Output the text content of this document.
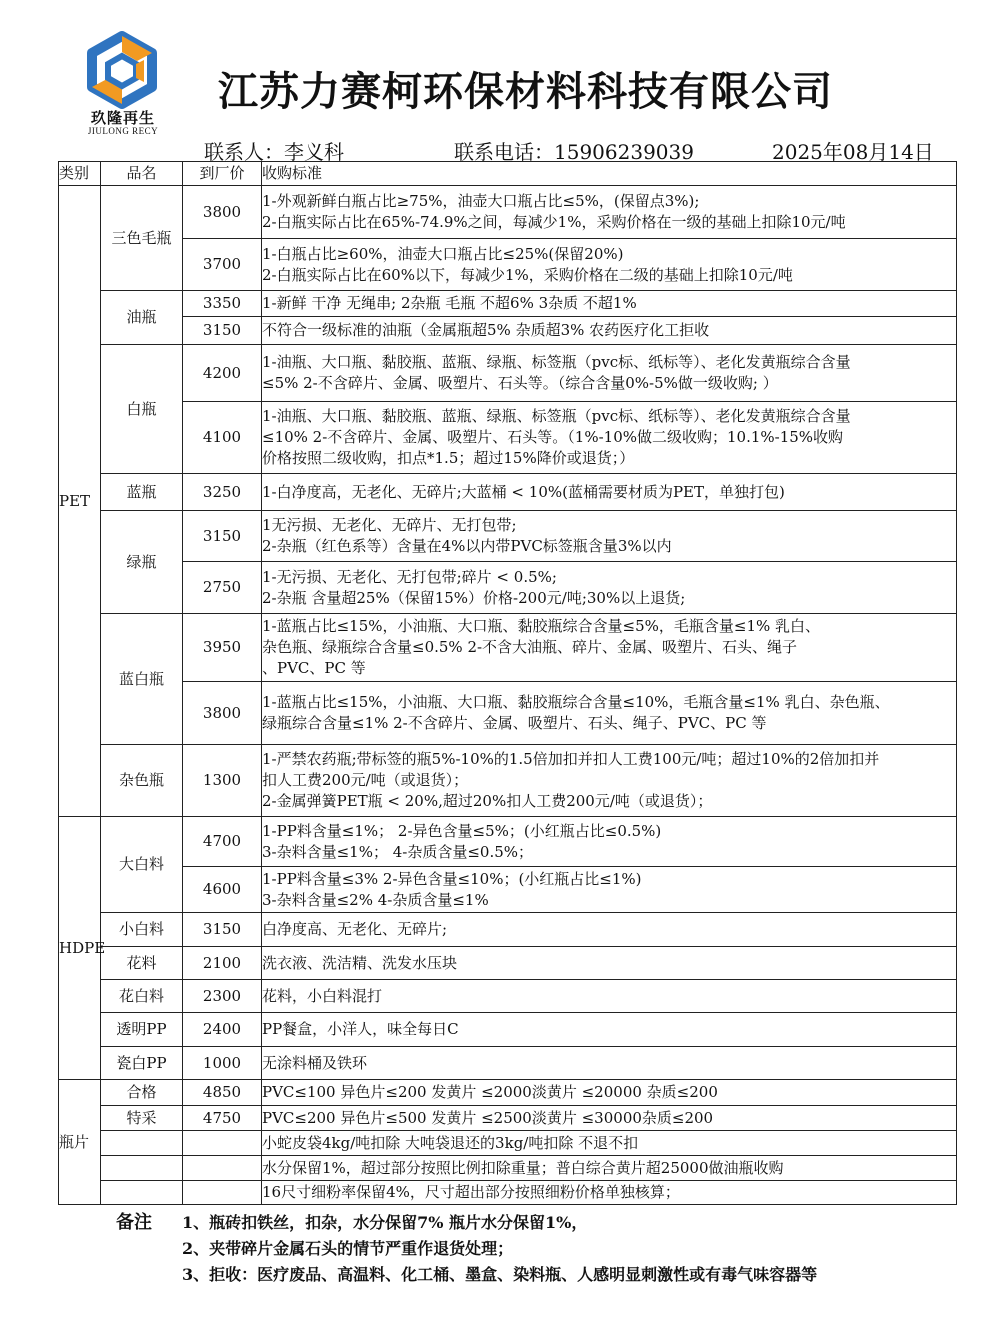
玖隆再生
JIULONG RECY
江苏力赛柯环保材料科技有限公司
联系人：李义科	联系电话：15906239039	2025年08月14日
类别	品名	到厂价	收购标准
PET	三色毛瓶	3800	1-外观新鲜白瓶占比≥75%，油壶大口瓶占比≤5%，(保留点3%);
2-白瓶实际占比在65%-74.9%之间，每减少1%，采购价格在一级的基础上扣除10元/吨

		3700	1-白瓶占比≥60%，油壶大口瓶占比≤25%(保留20%)
2-白瓶实际占比在60%以下，每减少1%，采购价格在二级的基础上扣除10元/吨

	油瓶	3350	1-新鲜 干净 无绳串; 2杂瓶 毛瓶 不超6% 3杂质 不超1%

		3150	不符合一级标准的油瓶（金属瓶超5% 杂质超3% 农药医疗化工拒收

	白瓶	4200	1-油瓶、大口瓶、黏胶瓶、蓝瓶、绿瓶、标签瓶（pvc标、纸标等）、老化发黄瓶综合含量
≤5% 2-不含碎片、金属、吸塑片、石头等。（综合含量0%-5%做一级收购; ）

		4100	1-油瓶、大口瓶、黏胶瓶、蓝瓶、绿瓶、标签瓶（pvc标、纸标等）、老化发黄瓶综合含量
≤10% 2-不含碎片、金属、吸塑片、石头等。（1%-10%做二级收购；10.1%-15%收购
价格按照二级收购，扣点*1.5；超过15%降价或退货；）

	蓝瓶	3250	1-白净度高，无老化、无碎片;大蓝桶 < 10%(蓝桶需要材质为PET，单独打包)

	绿瓶	3150	1无污损、无老化、无碎片、无打包带;
2-杂瓶（红色系等）含量在4%以内带PVC标签瓶含量3%以内

		2750	1-无污损、无老化、无打包带;碎片 < 0.5%;
2-杂瓶 含量超25%（保留15%）价格-200元/吨;30%以上退货;

	蓝白瓶	3950	1-蓝瓶占比≤15%，小油瓶、大口瓶、黏胶瓶综合含量≤5%，毛瓶含量≤1% 乳白、
杂色瓶、绿瓶综合含量≤0.5% 2-不含大油瓶、碎片、金属、吸塑片、石头、绳子
、PVC、PC 等

		3800	1-蓝瓶占比≤15%，小油瓶、大口瓶、黏胶瓶综合含量≤10%，毛瓶含量≤1% 乳白、杂色瓶、
绿瓶综合含量≤1% 2-不含碎片、金属、吸塑片、石头、绳子、PVC、PC 等

	杂色瓶	1300	1-严禁农药瓶;带标签的瓶5%-10%的1.5倍加扣并扣人工费100元/吨；超过10%的2倍加扣并
扣人工费200元/吨（或退货）；
2-金属弹簧PET瓶 < 20%,超过20%扣人工费200元/吨（或退货）；

HDPE	大白料	4700	1-PP料含量≤1%； 2-异色含量≤5%；(小红瓶占比≤0.5%)
3-杂料含量≤1%； 4-杂质含量≤0.5%；

		4600	1-PP料含量≤3% 2-异色含量≤10%；(小红瓶占比≤1%)
3-杂料含量≤2% 4-杂质含量≤1%

	小白料	3150	白净度高、无老化、无碎片;

	花料	2100	洗衣液、洗洁精、洗发水压块

	花白料	2300	花料，小白料混打

	透明PP	2400	PP餐盒，小洋人，味全每日C

	瓷白PP	1000	无涂料桶及铁环

瓶片	合格	4850	PVC≤100 异色片≤200 发黄片 ≤2000淡黄片 ≤20000 杂质≤200

	特采	4750	PVC≤200 异色片≤500 发黄片 ≤2500淡黄片 ≤30000杂质≤200

			小蛇皮袋4kg/吨扣除 大吨袋退还的3kg/吨扣除 不退不扣

			水分保留1%，超过部分按照比例扣除重量；普白综合黄片超25000做油瓶收购

			16尺寸细粉率保留4%，尺寸超出部分按照细粉价格单独核算；
备注 1、瓶砖扣铁丝，扣杂，水分保留7% 瓶片水分保留1%，
2、夹带碎片金属石头的情节严重作退货处理；
3、拒收：医疗废品、高温料、化工桶、墨盒、染料瓶、人感明显刺激性或有毒气味容器等
